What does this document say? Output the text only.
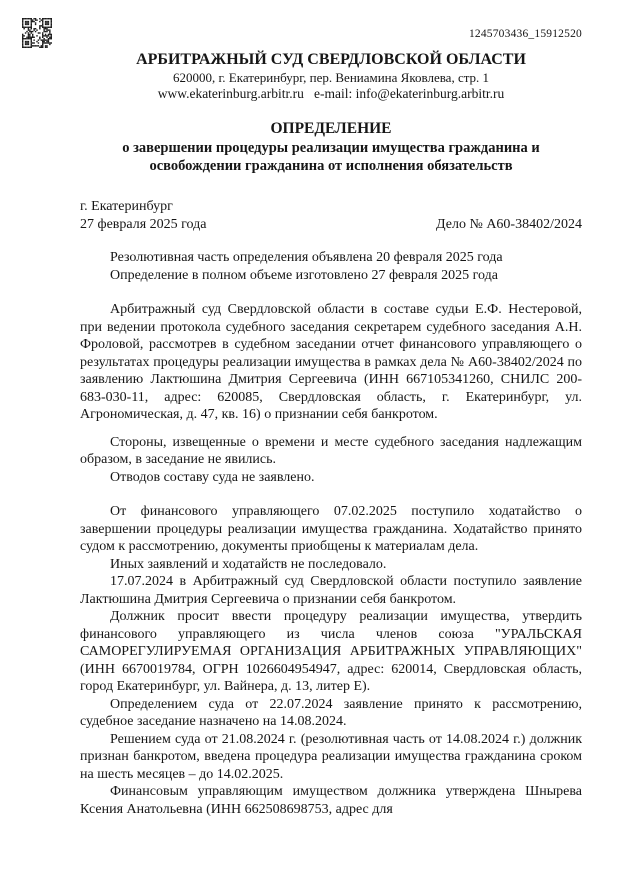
1245703436_15912520
АРБИТРАЖНЫЙ СУД СВЕРДЛОВСКОЙ ОБЛАСТИ
620000, г. Екатеринбург, пер. Вениамина Яковлева, стр. 1
www.ekaterinburg.arbitr.ru   e-mail: info@ekaterinburg.arbitr.ru
ОПРЕДЕЛЕНИЕ
о завершении процедуры реализации имущества гражданина и
освобождении гражданина от исполнения обязательств
г. Екатеринбург
27 февраля 2025 года	Дело № А60-38402/2024
Резолютивная часть определения объявлена 20 февраля 2025 года
Определение в полном объеме изготовлено 27 февраля 2025 года

Арбитражный суд Свердловской области в составе судьи Е.Ф. Нестеровой, при ведении протокола судебного заседания секретарем судебного заседания А.Н. Фроловой, рассмотрев в судебном заседании отчет финансового управляющего о результатах процедуры реализации имущества в рамках дела № А60-38402/2024 по заявлению Лактюшина Дмитрия Сергеевича (ИНН 667105341260, СНИЛС 200-683-030-11, адрес: 620085, Свердловская область, г. Екатеринбург, ул. Агрономическая, д. 47, кв. 16) о признании себя банкротом.

Стороны, извещенные о времени и месте судебного заседания надлежащим образом, в заседание не явились.

Отводов составу суда не заявлено.

От финансового управляющего 07.02.2025 поступило ходатайство о завершении процедуры реализации имущества гражданина. Ходатайство принято судом к рассмотрению, документы приобщены к материалам дела.

Иных заявлений и ходатайств не последовало.

17.07.2024 в Арбитражный суд Свердловской области поступило заявление Лактюшина Дмитрия Сергеевича о признании себя банкротом.

Должник просит ввести процедуру реализации имущества, утвердить финансового управляющего из числа членов союза "УРАЛЬСКАЯ САМОРЕГУЛИРУЕМАЯ ОРГАНИЗАЦИЯ АРБИТРАЖНЫХ УПРАВЛЯЮЩИХ" (ИНН 6670019784, ОГРН 1026604954947, адрес: 620014, Свердловская область, город Екатеринбург, ул. Вайнера, д. 13, литер Е).

Определением суда от 22.07.2024 заявление принято к рассмотрению, судебное заседание назначено на 14.08.2024.

Решением суда от 21.08.2024 г. (резолютивная часть от 14.08.2024 г.) должник признан банкротом, введена процедура реализации имущества гражданина сроком на шесть месяцев – до 14.02.2025.

Финансовым управляющим имуществом должника утверждена Шнырева Ксения Анатольевна (ИНН 662508698753, адрес для
